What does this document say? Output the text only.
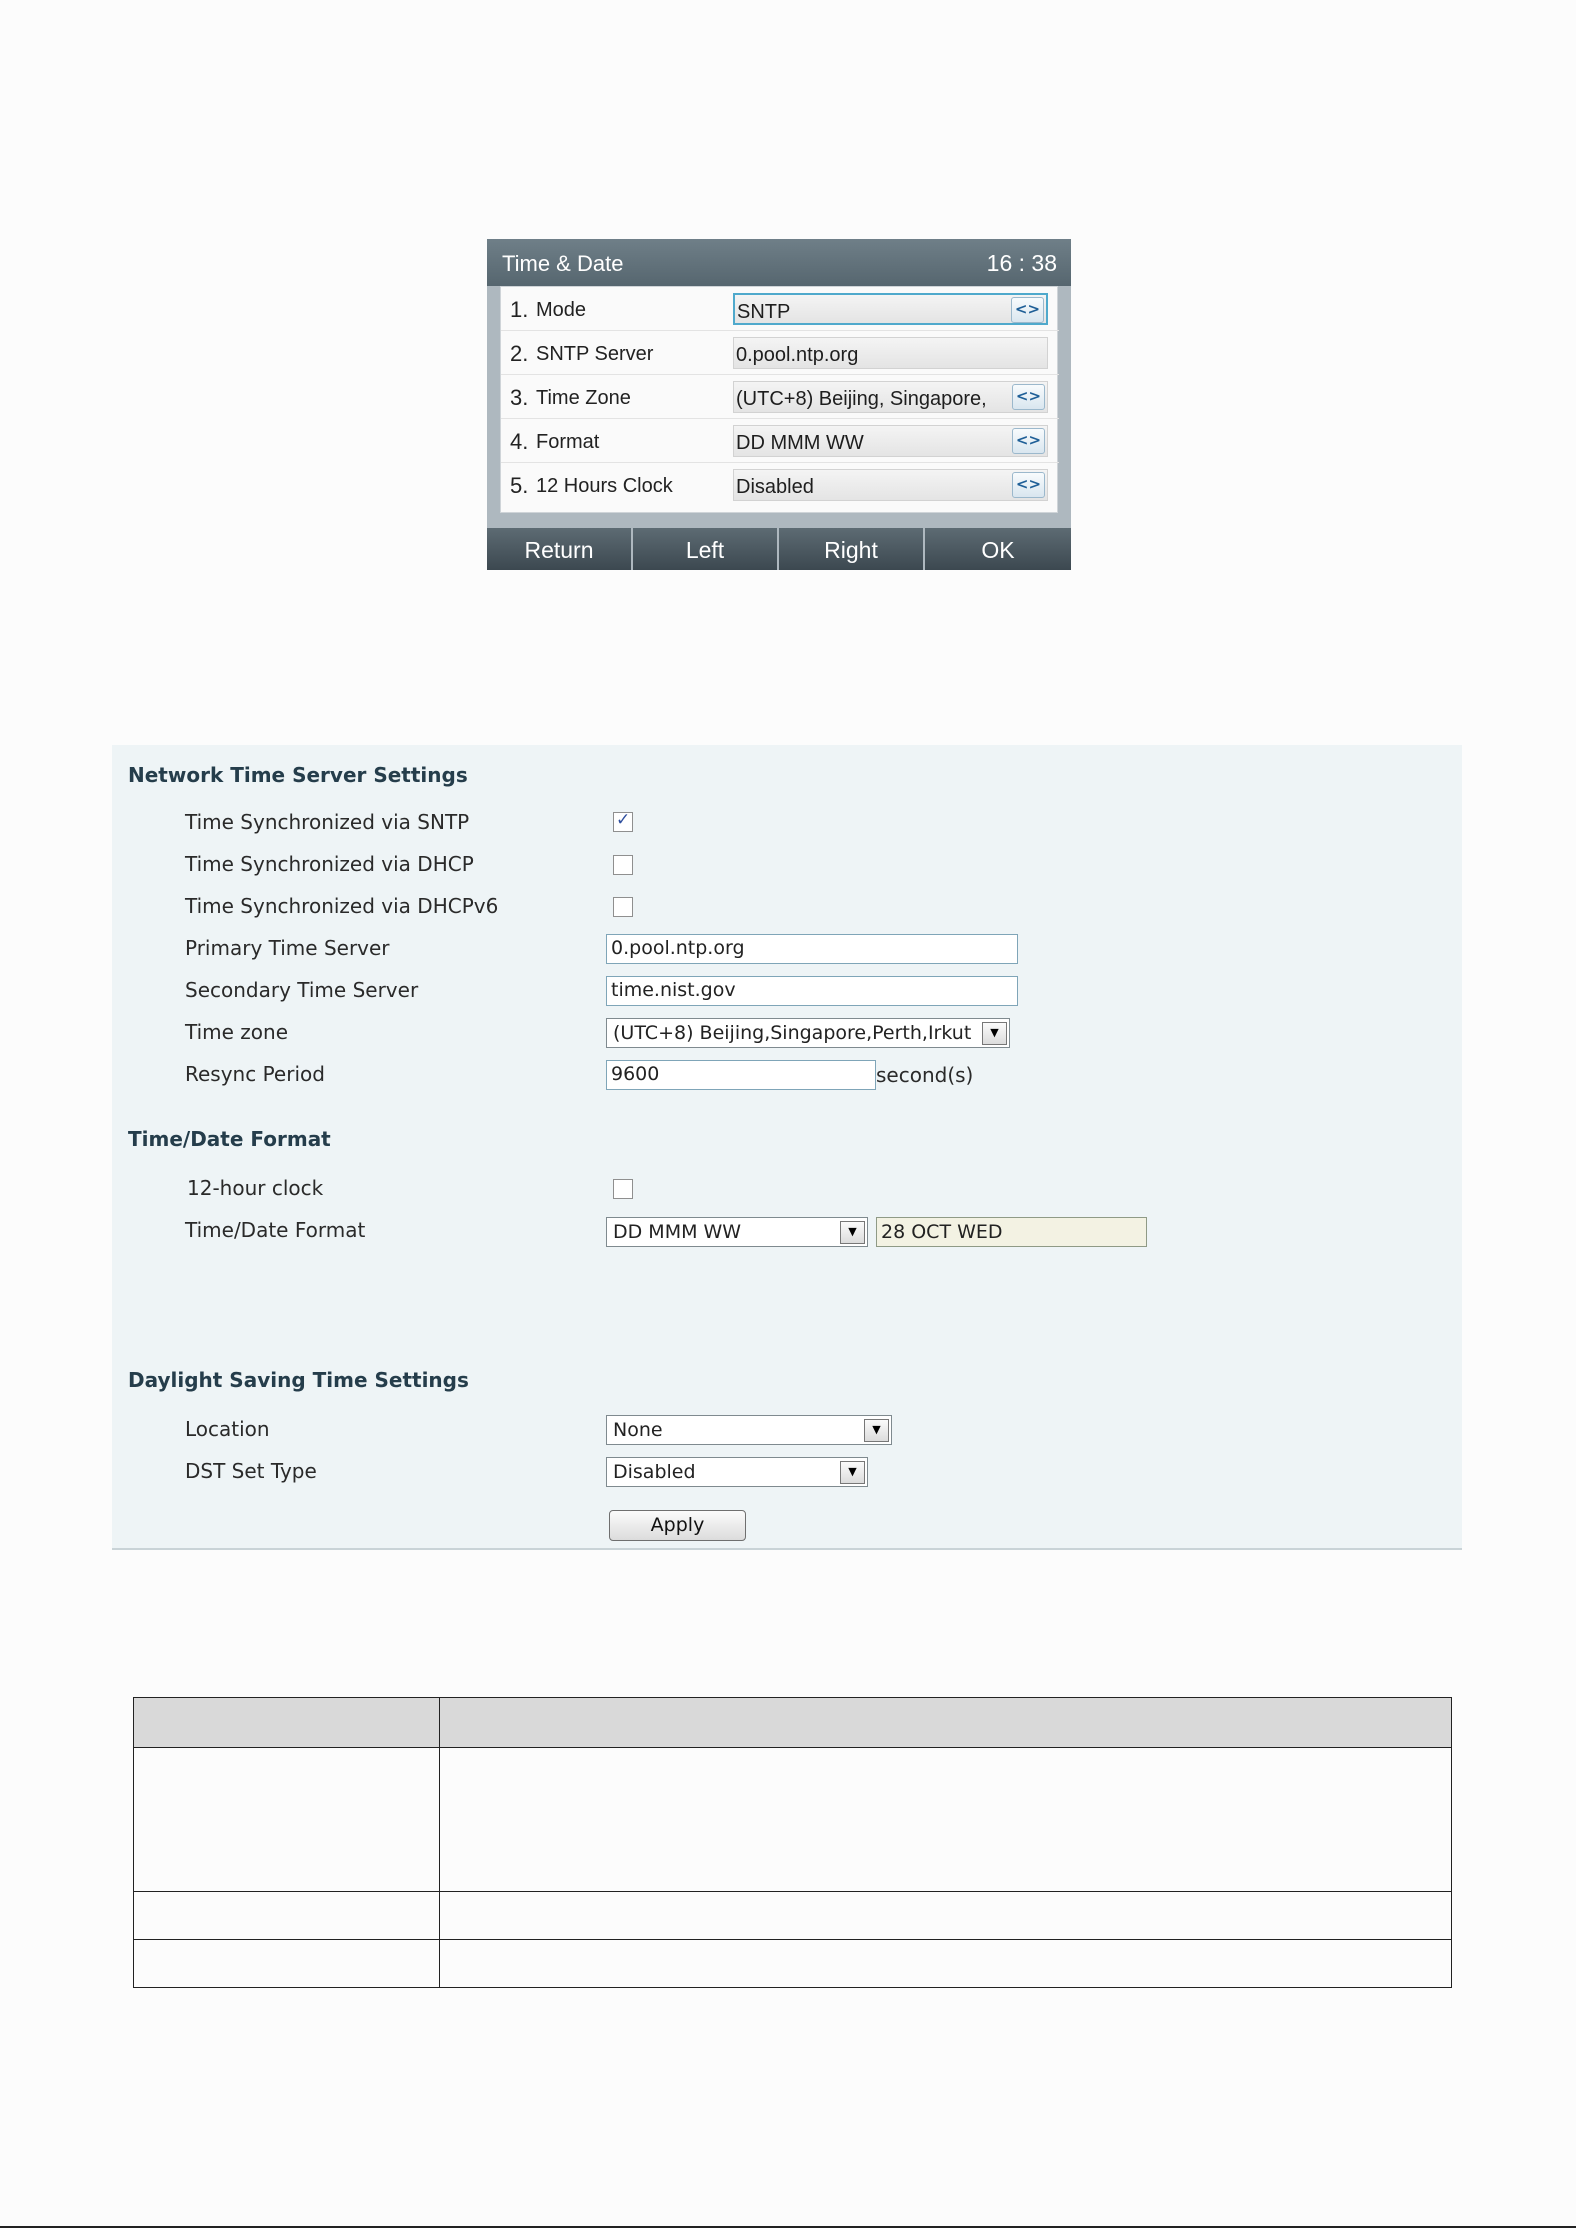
Time & Date	16 : 38
1. Mode	SNTP	<>
2. SNTP Server	0.pool.ntp.org
3. Time Zone	(UTC+8) Beijing, Singapore,	<>
4. Format	DD MMM WW	<>
5. 12 Hours Clock	Disabled	<>
Return	Left	Right	OK
Network Time Server Settings
Time Synchronized via SNTP	✓
Time Synchronized via DHCP
Time Synchronized via DHCPv6
Primary Time Server	0.pool.ntp.org
Secondary Time Server	time.nist.gov
Time zone	(UTC+8) Beijing,Singapore,Perth,Irkut	▼
Resync Period	9600	second(s)
Time/Date Format
12-hour clock
Time/Date Format	DD MMM WW	▼	28 OCT WED
Daylight Saving Time Settings
Location	None	▼
DST Set Type	Disabled	▼
Apply
